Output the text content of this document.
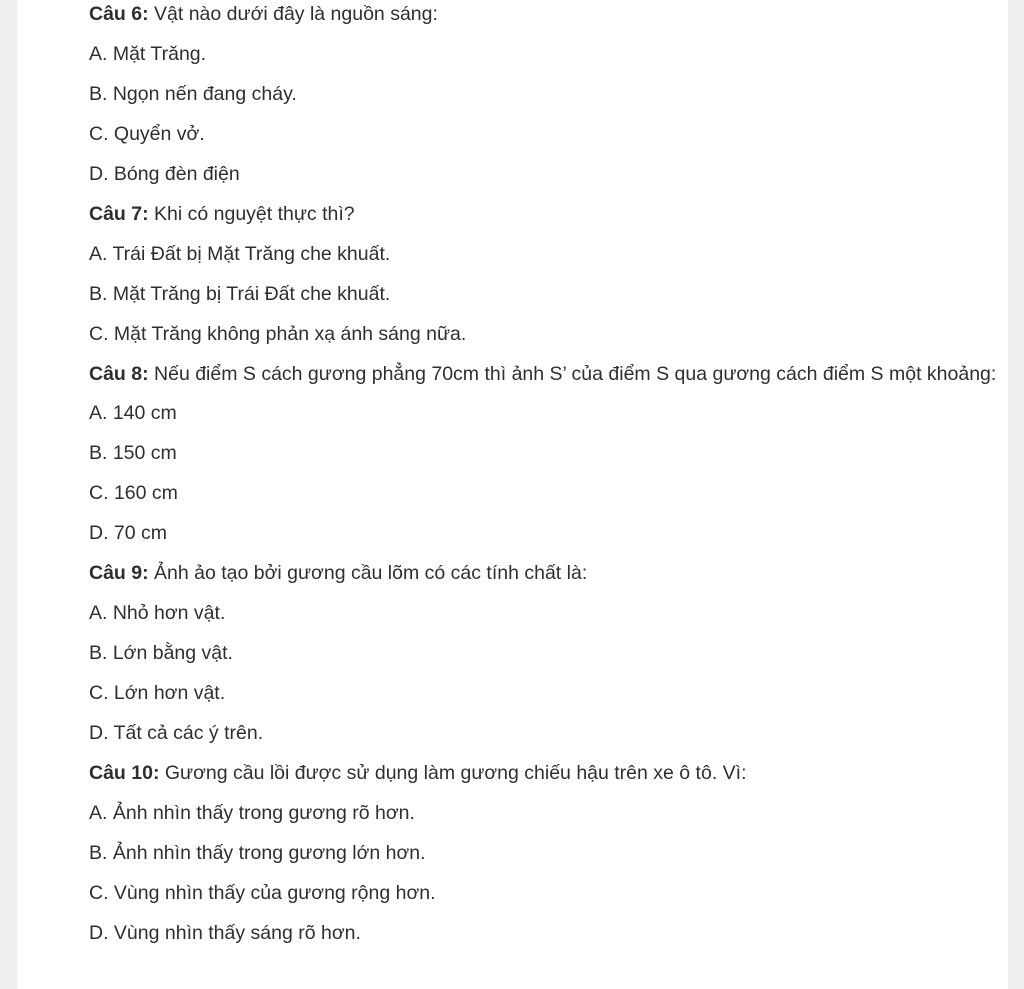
Câu 6: Vật nào dưới đây là nguồn sáng:

A. Mặt Trăng.

B. Ngọn nến đang cháy.

C. Quyển vở.

D. Bóng đèn điện

Câu 7: Khi có nguyệt thực thì?

A. Trái Đất bị Mặt Trăng che khuất.

B. Mặt Trăng bị Trái Đất che khuất.

C. Mặt Trăng không phản xạ ánh sáng nữa.

Câu 8: Nếu điểm S cách gương phẳng 70cm thì ảnh S’ của điểm S qua gương cách điểm S một khoảng:

A. 140 cm

B. 150 cm

C. 160 cm

D. 70 cm

Câu 9: Ảnh ảo tạo bởi gương cầu lõm có các tính chất là:

A. Nhỏ hơn vật.

B. Lớn bằng vật.

C. Lớn hơn vật.

D. Tất cả các ý trên.

Câu 10: Gương cầu lồi được sử dụng làm gương chiếu hậu trên xe ô tô. Vì:

A. Ảnh nhìn thấy trong gương rõ hơn.

B. Ảnh nhìn thấy trong gương lớn hơn.

C. Vùng nhìn thấy của gương rộng hơn.

D. Vùng nhìn thấy sáng rõ hơn.
